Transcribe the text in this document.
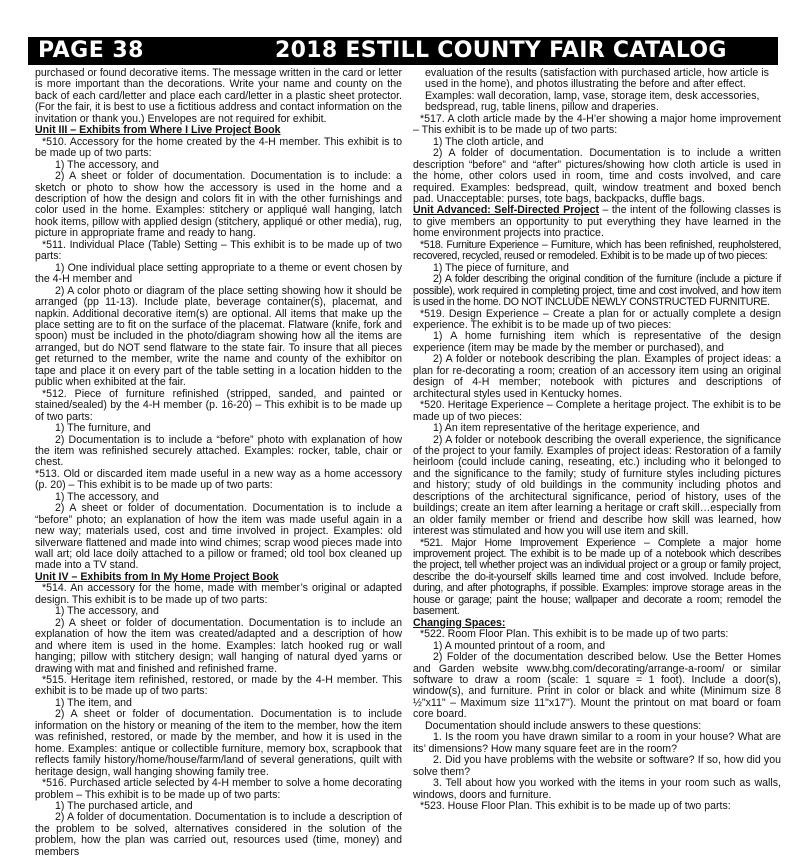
PAGE 38	2018 ESTILL COUNTY FAIR CATALOG

purchased or found decorative items. The message written in the card or letter is more important than the decorations. Write your name and county on the back of each card/letter and place each card/letter in a plastic sheet protector. (For the fair, it is best to use a fictitious address and contact information on the invitation or thank you.) Envelopes are not required for exhibit.

Unit III – Exhibits from Where I Live Project Book

*510. Accessory for the home created by the 4-H member. This exhibit is to be made up of two parts:

1) The accessory, and

2) A sheet or folder of documentation. Documentation is to include: a sketch or photo to show how the accessory is used in the home and a description of how the design and colors fit in with the other furnishings and color used in the home. Examples: stitchery or appliqué wall hanging, latch hook items, pillow with applied design (stitchery, appliqué or other media), rug, picture in appropriate frame and ready to hang.

*511. Individual Place (Table) Setting – This exhibit is to be made up of two parts:

1) One individual place setting appropriate to a theme or event chosen by the 4-H member and

2) A color photo or diagram of the place setting showing how it should be arranged (pp 11-13). Include plate, beverage container(s), placemat, and napkin. Additional decorative item(s) are optional. All items that make up the place setting are to fit on the surface of the placemat. Flatware (knife, fork and spoon) must be included in the photo/diagram showing how all the items are arranged, but do NOT send flatware to the state fair. To insure that all pieces get returned to the member, write the name and county of the exhibitor on tape and place it on every part of the table setting in a location hidden to the public when exhibited at the fair.

*512. Piece of furniture refinished (stripped, sanded, and painted or stained/sealed) by the 4-H member (p. 16-20) – This exhibit is to be made up of two parts:

1) The furniture, and

2) Documentation is to include a “before” photo with explanation of how the item was refinished securely attached. Examples: rocker, table, chair or chest.

*513. Old or discarded item made useful in a new way as a home accessory (p. 20) – This exhibit is to be made up of two parts:

1) The accessory, and

2) A sheet or folder of documentation. Documentation is to include a “before” photo; an explanation of how the item was made useful again in a new way; materials used, cost and time involved in project. Examples: old silverware flattened and made into wind chimes; scrap wood pieces made into wall art; old lace doily attached to a pillow or framed; old tool box cleaned up made into a TV stand.

Unit IV – Exhibits from In My Home Project Book

*514. An accessory for the home, made with member’s original or adapted design. This exhibit is to be made up of two parts:

1) The accessory, and

2) A sheet or folder of documentation. Documentation is to include an explanation of how the item was created/adapted and a description of how and where item is used in the home. Examples: latch hooked rug or wall hanging; pillow with stitchery design; wall hanging of natural dyed yarns or drawing with mat and finished and refinished frame.

*515. Heritage item refinished, restored, or made by the 4-H member. This exhibit is to be made up of two parts:

1) The item, and

2) A sheet or folder of documentation. Documentation is to include information on the history or meaning of the item to the member, how the item was refinished, restored, or made by the member, and how it is used in the home. Examples: antique or collectible furniture, memory box, scrapbook that reflects family history/home/house/farm/land of several generations, quilt with heritage design, wall hanging showing family tree.

*516. Purchased article selected by 4-H member to solve a home decorating problem – This exhibit is to be made up of two parts:

1) The purchased article, and

2) A folder of documentation. Documentation is to include a description of the problem to be solved, alternatives considered in the solution of the problem, how the plan was carried out, resources used (time, money) and members

evaluation of the results (satisfaction with purchased article, how article is used in the home), and photos illustrating the before and after effect. Examples: wall decoration, lamp, vase, storage item, desk accessories, bedspread, rug, table linens, pillow and draperies.

*517. A cloth article made by the 4-H’er showing a major home improvement – This exhibit is to be made up of two parts:

1) The cloth article, and

2) A folder of documentation. Documentation is to include a written description “before” and “after” pictures/showing how cloth article is used in the home, other colors used in room, time and costs involved, and care required. Examples: bedspread, quilt, window treatment and boxed bench pad. Unacceptable: purses, tote bags, backpacks, duffle bags.

Unit Advanced: Self-Directed Project – the intent of the following classes is to give members an opportunity to put everything they have learned in the home environment projects into practice.

*518. Furniture Experience – Furniture, which has been refinished, reupholstered, recovered, recycled, reused or remodeled. Exhibit is to be made up of two pieces:

1) The piece of furniture, and

2) A folder describing the original condition of the furniture (include a picture if possible), work required in completing project, time and cost involved, and how item is used in the home. DO NOT INCLUDE NEWLY CONSTRUCTED FURNITURE.

*519. Design Experience – Create a plan for or actually complete a design experience. The exhibit is to be made up of two pieces:

1) A home furnishing item which is representative of the design experience (item may be made by the member or purchased), and

2) A folder or notebook describing the plan. Examples of project ideas: a plan for re-decorating a room; creation of an accessory item using an original design of 4-H member; notebook with pictures and descriptions of architectural styles used in Kentucky homes.

*520. Heritage Experience – Complete a heritage project. The exhibit is to be made up of two pieces:

1) An item representative of the heritage experience, and

2) A folder or notebook describing the overall experience, the significance of the project to your family. Examples of project ideas: Restoration of a family heirloom (could include caning, reseating, etc.) including who it belonged to and the significance to the family; study of furniture styles including pictures and history; study of old buildings in the community including photos and descriptions of the architectural significance, period of history, uses of the buildings; create an item after learning a heritage or craft skill…especially from an older family member or friend and describe how skill was learned, how interest was stimulated and how you will use item and skill.

*521. Major Home Improvement Experience – Complete a major home improvement project. The exhibit is to be made up of a notebook which describes the project, tell whether project was an individual project or a group or family project, describe the do-it-yourself skills learned time and cost involved. Include before, during, and after photographs, if possible. Examples: improve storage areas in the house or garage; paint the house; wallpaper and decorate a room; remodel the basement.

Changing Spaces:

*522. Room Floor Plan. This exhibit is to be made up of two parts:

1) A mounted printout of a room, and

2) Folder of the documentation described below. Use the Better Homes and Garden website www.bhg.com/decorating/arrange-a-room/ or similar software to draw a room (scale: 1 square = 1 foot). Include a door(s), window(s), and furniture. Print in color or black and white (Minimum size 8 ½"x11" – Maximum size 11"x17"). Mount the printout on mat board or foam core board.

Documentation should include answers to these questions:

1. Is the room you have drawn similar to a room in your house? What are its’ dimensions? How many square feet are in the room?

2. Did you have problems with the website or software? If so, how did you solve them?

3. Tell about how you worked with the items in your room such as walls, windows, doors and furniture.

*523. House Floor Plan. This exhibit is to be made up of two parts:
